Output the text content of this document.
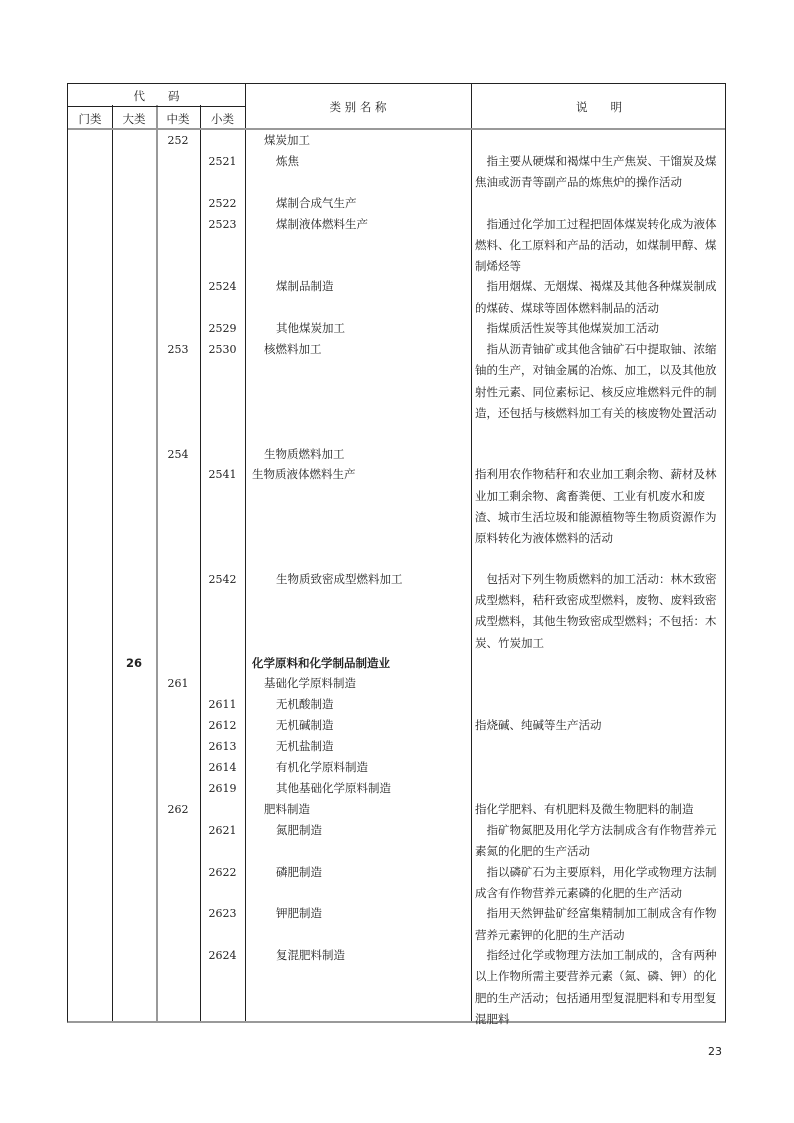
代　　码
门类	大类	中类	小类
类 别 名 称	说　　明
252	煤炭加工
2521	炼焦	　指主要从硬煤和褐煤中生产焦炭、干馏炭及煤焦油或沥青等副产品的炼焦炉的操作活动
2522	煤制合成气生产
2523	煤制液体燃料生产	　指通过化学加工过程把固体煤炭转化成为液体燃料、化工原料和产品的活动，如煤制甲醇、煤制烯烃等
2524	煤制品制造	　指用烟煤、无烟煤、褐煤及其他各种煤炭制成的煤砖、煤球等固体燃料制品的活动
2529	其他煤炭加工	　指煤质活性炭等其他煤炭加工活动
253	2530	核燃料加工	　指从沥青铀矿或其他含铀矿石中提取铀、浓缩铀的生产，对铀金属的冶炼、加工，以及其他放射性元素、同位素标记、核反应堆燃料元件的制造，还包括与核燃料加工有关的核废物处置活动
254	生物质燃料加工
2541	生物质液体燃料生产	指利用农作物秸秆和农业加工剩余物、薪材及林业加工剩余物、禽畜粪便、工业有机废水和废渣、城市生活垃圾和能源植物等生物质资源作为原料转化为液体燃料的活动
2542	生物质致密成型燃料加工	　包括对下列生物质燃料的加工活动：林木致密成型燃料，秸秆致密成型燃料，废物、废料致密成型燃料，其他生物致密成型燃料；不包括：木炭、竹炭加工
26	化学原料和化学制品制造业
261	基础化学原料制造
2611	无机酸制造
2612	无机碱制造	指烧碱、纯碱等生产活动
2613	无机盐制造
2614	有机化学原料制造
2619	其他基础化学原料制造
262	肥料制造	指化学肥料、有机肥料及微生物肥料的制造
2621	氮肥制造	　指矿物氮肥及用化学方法制成含有作物营养元素氮的化肥的生产活动
2622	磷肥制造	　指以磷矿石为主要原料，用化学或物理方法制成含有作物营养元素磷的化肥的生产活动
2623	钾肥制造	　指用天然钾盐矿经富集精制加工制成含有作物营养元素钾的化肥的生产活动
2624	复混肥料制造	　指经过化学或物理方法加工制成的，含有两种以上作物所需主要营养元素（氮、磷、钾）的化肥的生产活动；包括通用型复混肥料和专用型复混肥料
23
